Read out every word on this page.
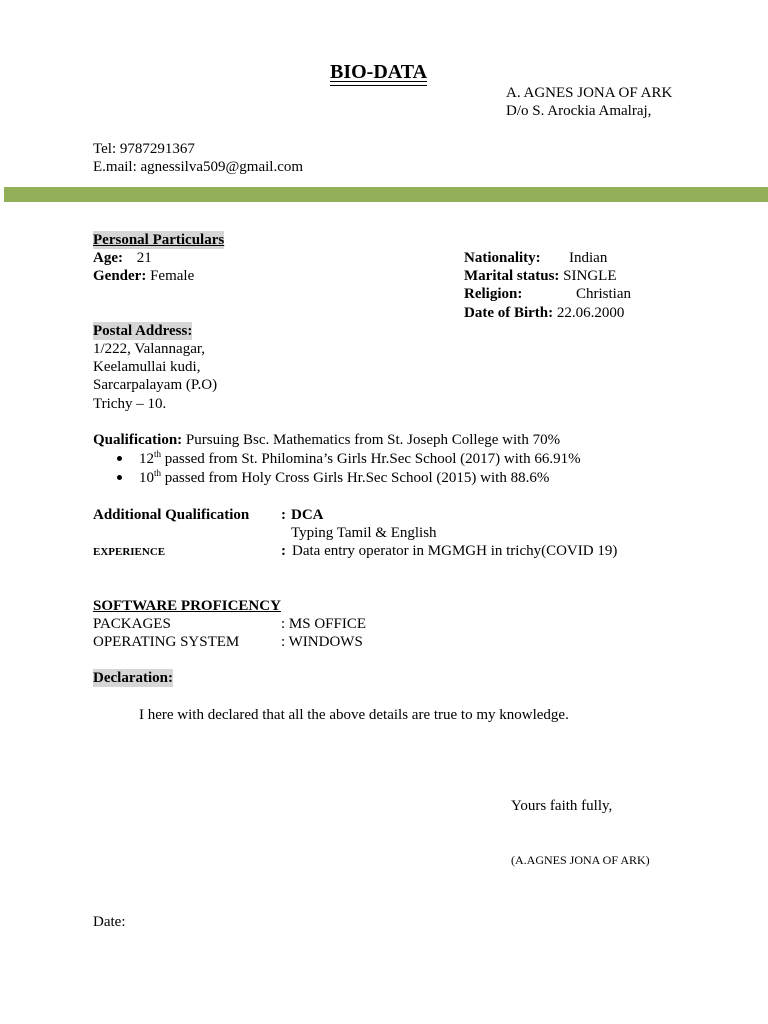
BIO-DATA
A. AGNES JONA OF ARK
D/o S. Arockia Amalraj,
Tel: 9787291367
E.mail: agnessilva509@gmail.com
Personal Particulars
Age: 21
Gender: Female
Nationality: Indian
Marital status: SINGLE
Religion:	Christian
Date of Birth: 22.06.2000
Postal Address:
1/222, Valannagar,
Keelamullai kudi,
Sarcarpalayam (P.O)
Trichy – 10.
Qualification: Pursuing Bsc. Mathematics from St. Joseph College with 70%
12th passed from St. Philomina’s Girls Hr.Sec School (2017) with 66.91%
10th passed from Holy Cross Girls Hr.Sec School (2015) with 88.6%
Additional Qualification : DCA
Typing Tamil & English
EXPERIENCE	: Data entry operator in MGMGH in trichy(COVID 19)
SOFTWARE PROFICENCY
PACKAGES	: MS OFFICE
OPERATING SYSTEM	: WINDOWS
Declaration:
I here with declared that all the above details are true to my knowledge.
Yours faith fully,
(A.AGNES JONA OF ARK)
Date:
